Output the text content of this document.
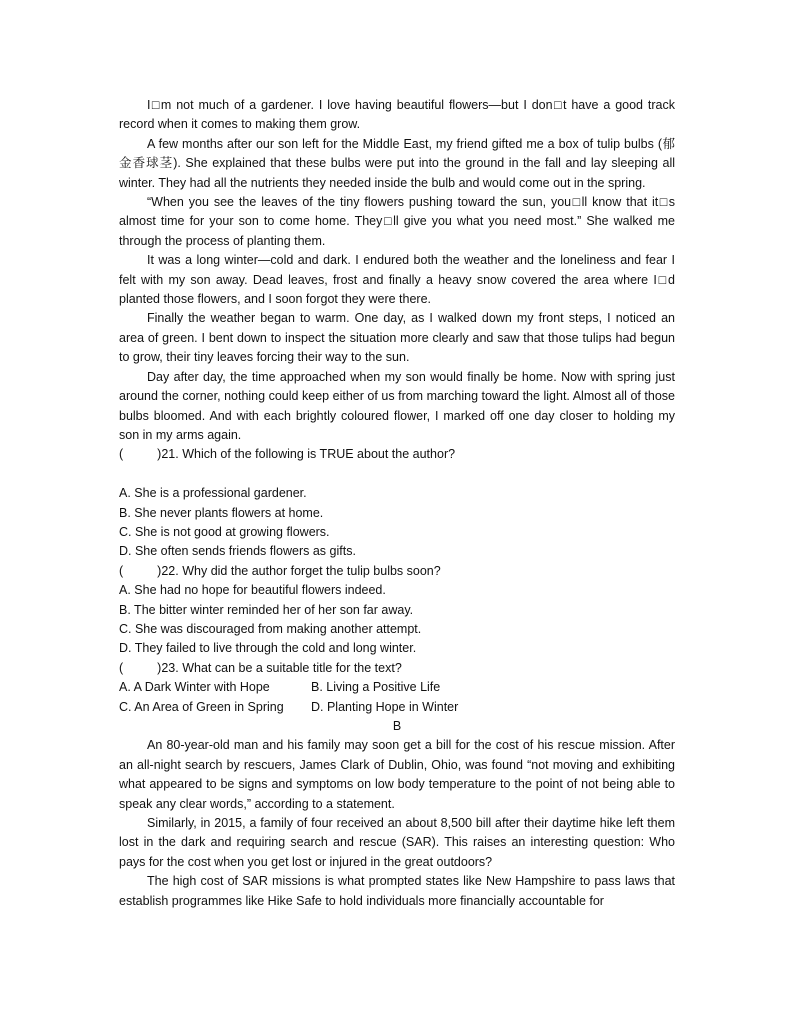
I□m not much of a gardener. I love having beautiful flowers—but I don□t have a good track record when it comes to making them grow.

A few months after our son left for the Middle East, my friend gifted me a box of tulip bulbs (郁金香球茎). She explained that these bulbs were put into the ground in the fall and lay sleeping all winter. They had all the nutrients they needed inside the bulb and would come out in the spring.

“When you see the leaves of the tiny flowers pushing toward the sun, you□ll know that it□s almost time for your son to come home. They□ll give you what you need most.” She walked me through the process of planting them.

It was a long winter—cold and dark. I endured both the weather and the loneliness and fear I felt with my son away. Dead leaves, frost and finally a heavy snow covered the area where I□d planted those flowers, and I soon forgot they were there.

Finally the weather began to warm. One day, as I walked down my front steps, I noticed an area of green. I bent down to inspect the situation more clearly and saw that those tulips had begun to grow, their tiny leaves forcing their way to the sun.

Day after day, the time approached when my son would finally be home. Now with spring just around the corner, nothing could keep either of us from marching toward the light. Almost all of those bulbs bloomed. And with each brightly coloured flower, I marked off one day closer to holding my son in my arms again.

(	)21. Which of the following is TRUE about the author?

A. She is a professional gardener.

B. She never plants flowers at home.

C. She is not good at growing flowers.

D. She often sends friends flowers as gifts.

(	)22. Why did the author forget the tulip bulbs soon?

A. She had no hope for beautiful flowers indeed.

B. The bitter winter reminded her of her son far away.

C. She was discouraged from making another attempt.

D. They failed to live through the cold and long winter.

(	)23. What can be a suitable title for the text?

A. A Dark Winter with Hope	B. Living a Positive Life

C. An Area of Green in Spring D. Planting Hope in Winter

B

An 80-year-old man and his family may soon get a bill for the cost of his rescue mission. After an all-night search by rescuers, James Clark of Dublin, Ohio, was found “not moving and exhibiting what appeared to be signs and symptoms on low body temperature to the point of not being able to speak any clear words,” according to a statement.

Similarly, in 2015, a family of four received an about 8,500 bill after their daytime hike left them lost in the dark and requiring search and rescue (SAR). This raises an interesting question: Who pays for the cost when you get lost or injured in the great outdoors?

The high cost of SAR missions is what prompted states like New Hampshire to pass laws that establish programmes like Hike Safe to hold individuals more financially accountable for
